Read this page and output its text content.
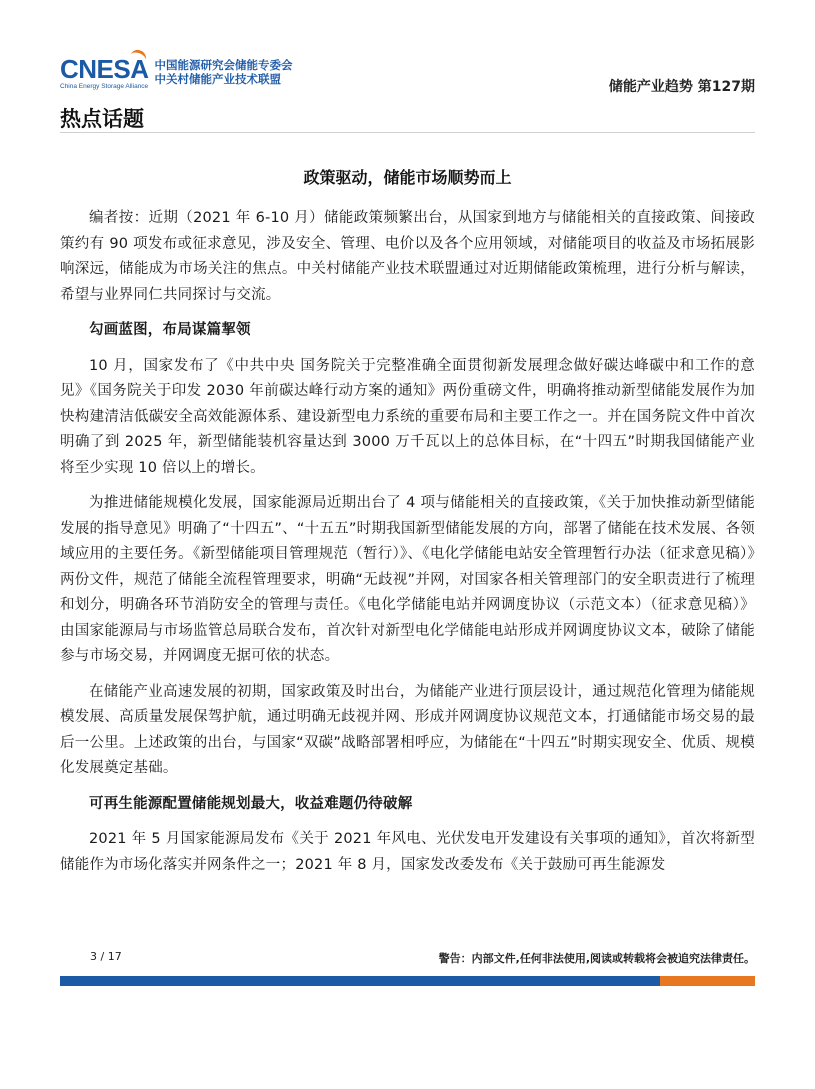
CNESA
China Energy Storage Alliance
中国能源研究会储能专委会
中关村储能产业技术联盟	储能产业趋势 第127期
热点话题
政策驱动，储能市场顺势而上

编者按：近期（2021 年 6-10 月）储能政策频繁出台，从国家到地方与储能相关的直接政策、间接政策约有 90 项发布或征求意见，涉及安全、管理、电价以及各个应用领域，对储能项目的收益及市场拓展影响深远，储能成为市场关注的焦点。中关村储能产业技术联盟通过对近期储能政策梳理，进行分析与解读，希望与业界同仁共同探讨与交流。

勾画蓝图，布局谋篇挈领

10 月，国家发布了《中共中央 国务院关于完整准确全面贯彻新发展理念做好碳达峰碳中和工作的意见》《国务院关于印发 2030 年前碳达峰行动方案的通知》两份重磅文件，明确将推动新型储能发展作为加快构建清洁低碳安全高效能源体系、建设新型电力系统的重要布局和主要工作之一。并在国务院文件中首次明确了到 2025 年，新型储能装机容量达到 3000 万千瓦以上的总体目标，在“十四五”时期我国储能产业将至少实现 10 倍以上的增长。

为推进储能规模化发展，国家能源局近期出台了 4 项与储能相关的直接政策，《关于加快推动新型储能发展的指导意见》明确了“十四五”、“十五五”时期我国新型储能发展的方向，部署了储能在技术发展、各领域应用的主要任务。《新型储能项目管理规范（暂行）》、《电化学储能电站安全管理暂行办法（征求意见稿）》两份文件，规范了储能全流程管理要求，明确“无歧视”并网，对国家各相关管理部门的安全职责进行了梳理和划分，明确各环节消防安全的管理与责任。《电化学储能电站并网调度协议（示范文本）（征求意见稿）》由国家能源局与市场监管总局联合发布，首次针对新型电化学储能电站形成并网调度协议文本，破除了储能参与市场交易，并网调度无据可依的状态。

在储能产业高速发展的初期，国家政策及时出台，为储能产业进行顶层设计，通过规范化管理为储能规模发展、高质量发展保驾护航，通过明确无歧视并网、形成并网调度协议规范文本，打通储能市场交易的最后一公里。上述政策的出台，与国家“双碳”战略部署相呼应，为储能在“十四五”时期实现安全、优质、规模化发展奠定基础。

可再生能源配置储能规划最大，收益难题仍待破解

2021 年 5 月国家能源局发布《关于 2021 年风电、光伏发电开发建设有关事项的通知》，首次将新型储能作为市场化落实并网条件之一；2021 年 8 月，国家发改委发布《关于鼓励可再生能源发

3 / 17	警告：内部文件,任何非法使用,阅读或转载将会被追究法律责任。
